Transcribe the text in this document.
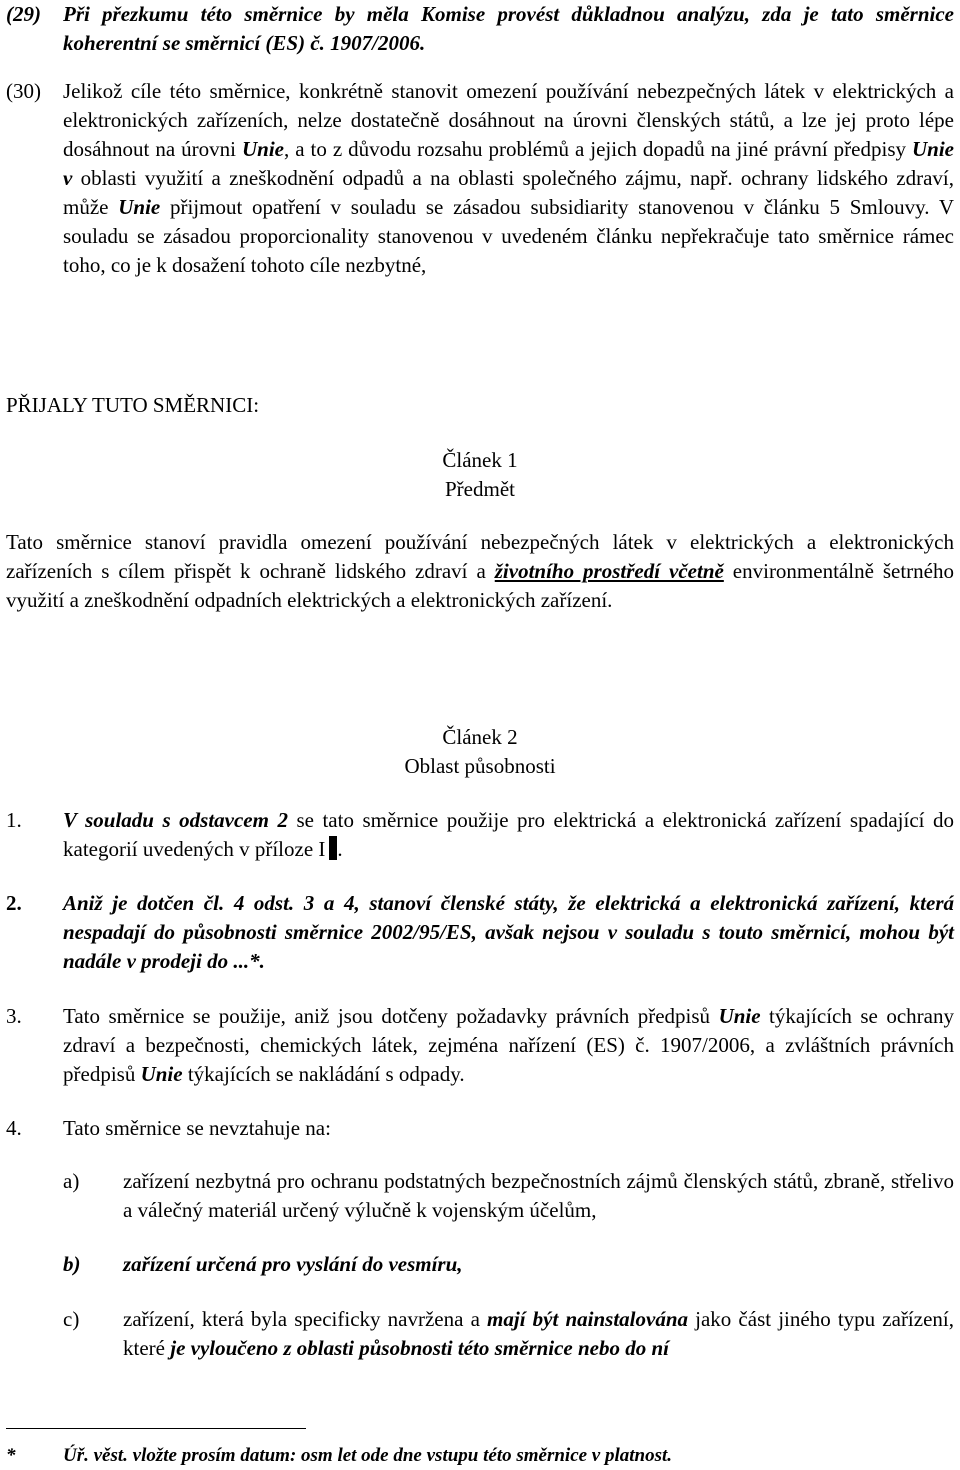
(29)	Při přezkumu této směrnice by měla Komise provést důkladnou analýzu, zda je tato směrnice koherentní se směrnicí (ES) č. 1907/2006.
(30)	Jelikož cíle této směrnice, konkrétně stanovit omezení používání nebezpečných látek v elektrických a elektronických zařízeních, nelze dostatečně dosáhnout na úrovni členských států, a lze jej proto lépe dosáhnout na úrovni Unie, a to z důvodu rozsahu problémů a jejich dopadů na jiné právní předpisy Unie v oblasti využití a zneškodnění odpadů a na oblasti společného zájmu, např. ochrany lidského zdraví, může Unie přijmout opatření v souladu se zásadou subsidiarity stanovenou v článku 5 Smlouvy. V souladu se zásadou proporcionality stanovenou v uvedeném článku nepřekračuje tato směrnice rámec toho, co je k dosažení tohoto cíle nezbytné,
PŘIJALY TUTO SMĚRNICI:
Článek 1
Předmět
Tato směrnice stanoví pravidla omezení používání nebezpečných látek v elektrických a elektronických zařízeních s cílem přispět k ochraně lidského zdraví a životního prostředí včetně environmentálně šetrného využití a zneškodnění odpadních elektrických a elektronických zařízení.
Článek 2
Oblast působnosti
1.	V souladu s odstavcem 2 se tato směrnice použije pro elektrická a elektronická zařízení spadající do kategorií uvedených v příloze I .
2.	Aniž je dotčen čl. 4 odst. 3 a 4, stanoví členské státy, že elektrická a elektronická zařízení, která nespadají do působnosti směrnice 2002/95/ES, avšak nejsou v souladu s touto směrnicí, mohou být nadále v prodeji do ...*.
3.	Tato směrnice se použije, aniž jsou dotčeny požadavky právních předpisů Unie týkajících se ochrany zdraví a bezpečnosti, chemických látek, zejména nařízení (ES) č. 1907/2006, a zvláštních právních předpisů Unie týkajících se nakládání s odpady.
4.	Tato směrnice se nevztahuje na:
a)	zařízení nezbytná pro ochranu podstatných bezpečnostních zájmů členských států, zbraně, střelivo a válečný materiál určený výlučně k vojenským účelům,
b)	zařízení určená pro vyslání do vesmíru,
c)	zařízení, která byla specificky navržena a mají být nainstalována jako část jiného typu zařízení, které je vyloučeno z oblasti působnosti této směrnice nebo do ní
*	Úř. věst. vložte prosím datum: osm let ode dne vstupu této směrnice v platnost.
